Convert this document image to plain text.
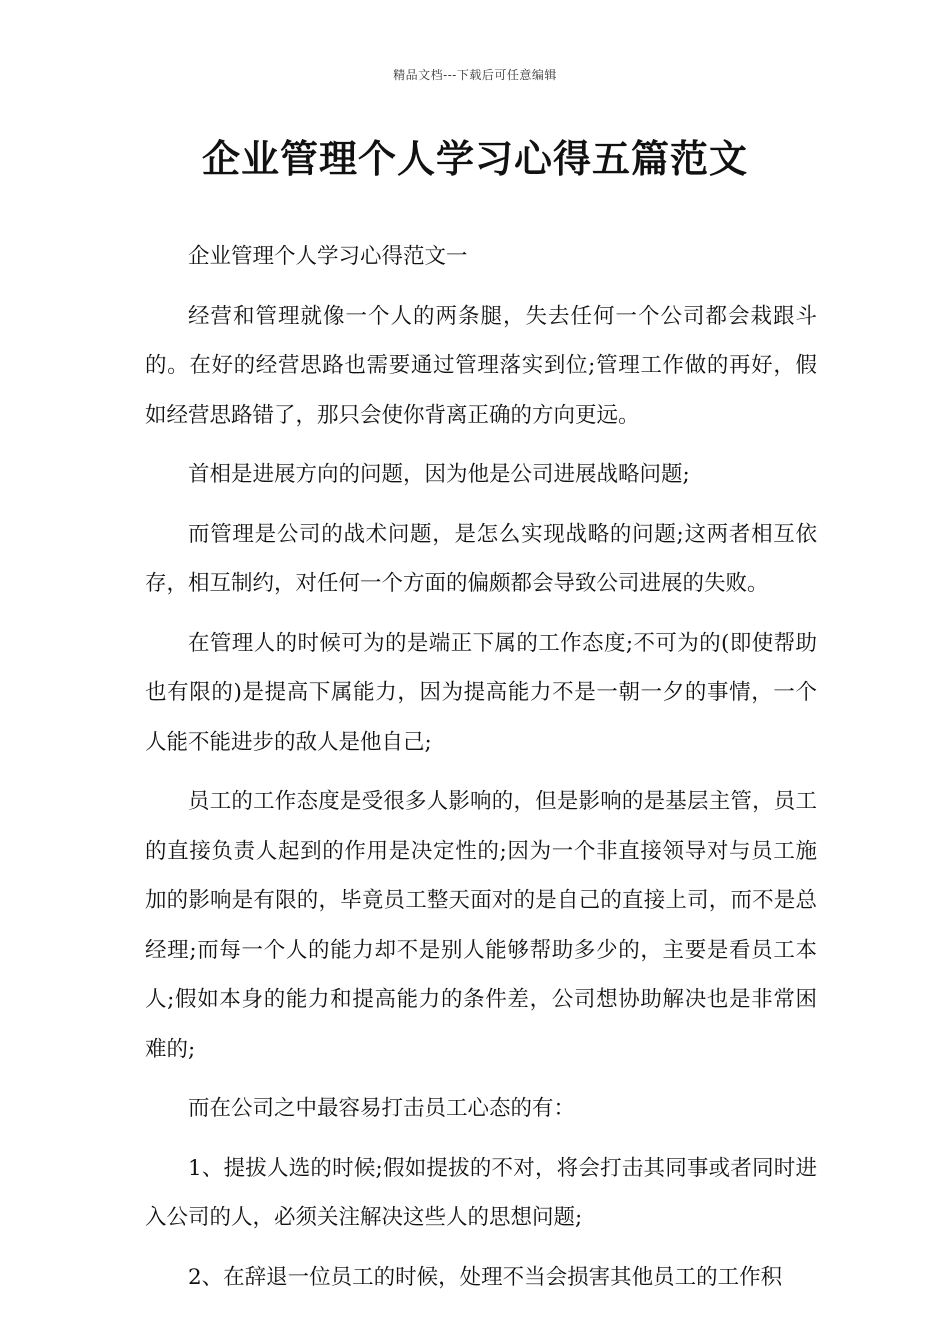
精品文档---下载后可任意编辑
企业管理个人学习心得五篇范文

企业管理个人学习心得范文一

经营和管理就像一个人的两条腿，失去任何一个公司都会栽跟斗的。在好的经营思路也需要通过管理落实到位;管理工作做的再好，假如经营思路错了，那只会使你背离正确的方向更远。

首相是进展方向的问题，因为他是公司进展战略问题;

而管理是公司的战术问题，是怎么实现战略的问题;这两者相互依存，相互制约，对任何一个方面的偏颇都会导致公司进展的失败。

在管理人的时候可为的是端正下属的工作态度;不可为的(即使帮助也有限的)是提高下属能力，因为提高能力不是一朝一夕的事情，一个人能不能进步的敌人是他自己;

员工的工作态度是受很多人影响的，但是影响的是基层主管，员工的直接负责人起到的作用是决定性的;因为一个非直接领导对与员工施加的影响是有限的，毕竟员工整天面对的是自己的直接上司，而不是总经理;而每一个人的能力却不是别人能够帮助多少的，主要是看员工本人;假如本身的能力和提高能力的条件差，公司想协助解决也是非常困难的;

而在公司之中最容易打击员工心态的有：

1、提拔人选的时候;假如提拔的不对，将会打击其同事或者同时进入公司的人，必须关注解决这些人的思想问题;

2、在辞退一位员工的时候，处理不当会损害其他员工的工作积
